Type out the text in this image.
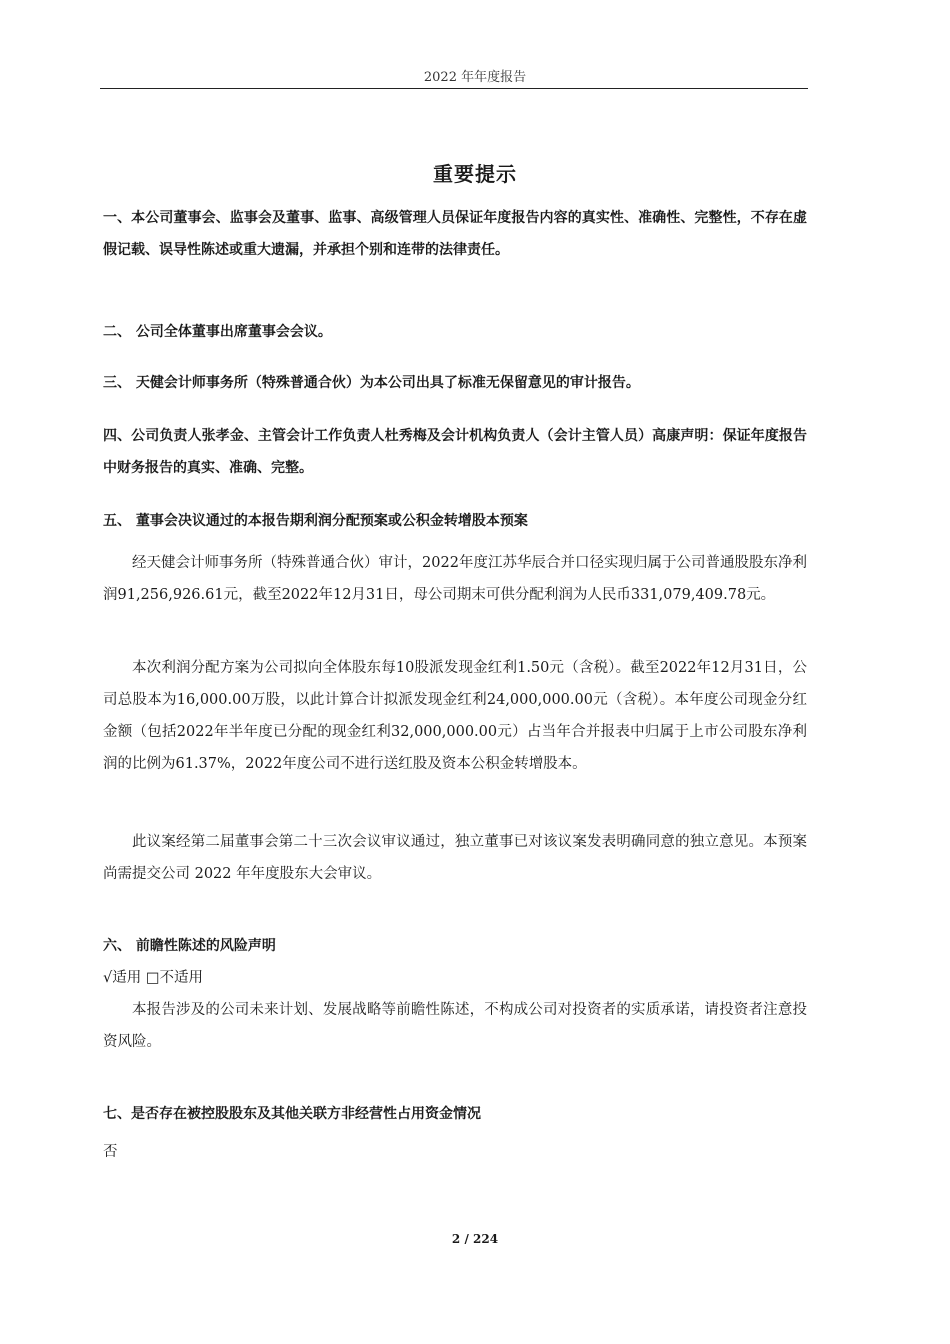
2022 年年度报告
重要提示
一、本公司董事会、监事会及董事、监事、高级管理人员保证年度报告内容的真实性、准确性、完整性，不存在虚假记载、误导性陈述或重大遗漏，并承担个别和连带的法律责任。
二、 公司全体董事出席董事会会议。
三、 天健会计师事务所（特殊普通合伙）为本公司出具了标准无保留意见的审计报告。
四、公司负责人张孝金、主管会计工作负责人杜秀梅及会计机构负责人（会计主管人员）高康声明：保证年度报告中财务报告的真实、准确、完整。
五、 董事会决议通过的本报告期利润分配预案或公积金转增股本预案
经天健会计师事务所（特殊普通合伙）审计，2022年度江苏华辰合并口径实现归属于公司普通股股东净利润91,256,926.61元，截至2022年12月31日，母公司期末可供分配利润为人民币331,079,409.78元。
本次利润分配方案为公司拟向全体股东每10股派发现金红利1.50元（含税）。截至2022年12月31日，公司总股本为16,000.00万股，以此计算合计拟派发现金红利24,000,000.00元（含税）。本年度公司现金分红金额（包括2022年半年度已分配的现金红利32,000,000.00元）占当年合并报表中归属于上市公司股东净利润的比例为61.37%，2022年度公司不进行送红股及资本公积金转增股本。
此议案经第二届董事会第二十三次会议审议通过，独立董事已对该议案发表明确同意的独立意见。本预案尚需提交公司 2022 年年度股东大会审议。
六、 前瞻性陈述的风险声明
√适用 □不适用
本报告涉及的公司未来计划、发展战略等前瞻性陈述，不构成公司对投资者的实质承诺，请投资者注意投资风险。
七、是否存在被控股股东及其他关联方非经营性占用资金情况
否
2 / 224
